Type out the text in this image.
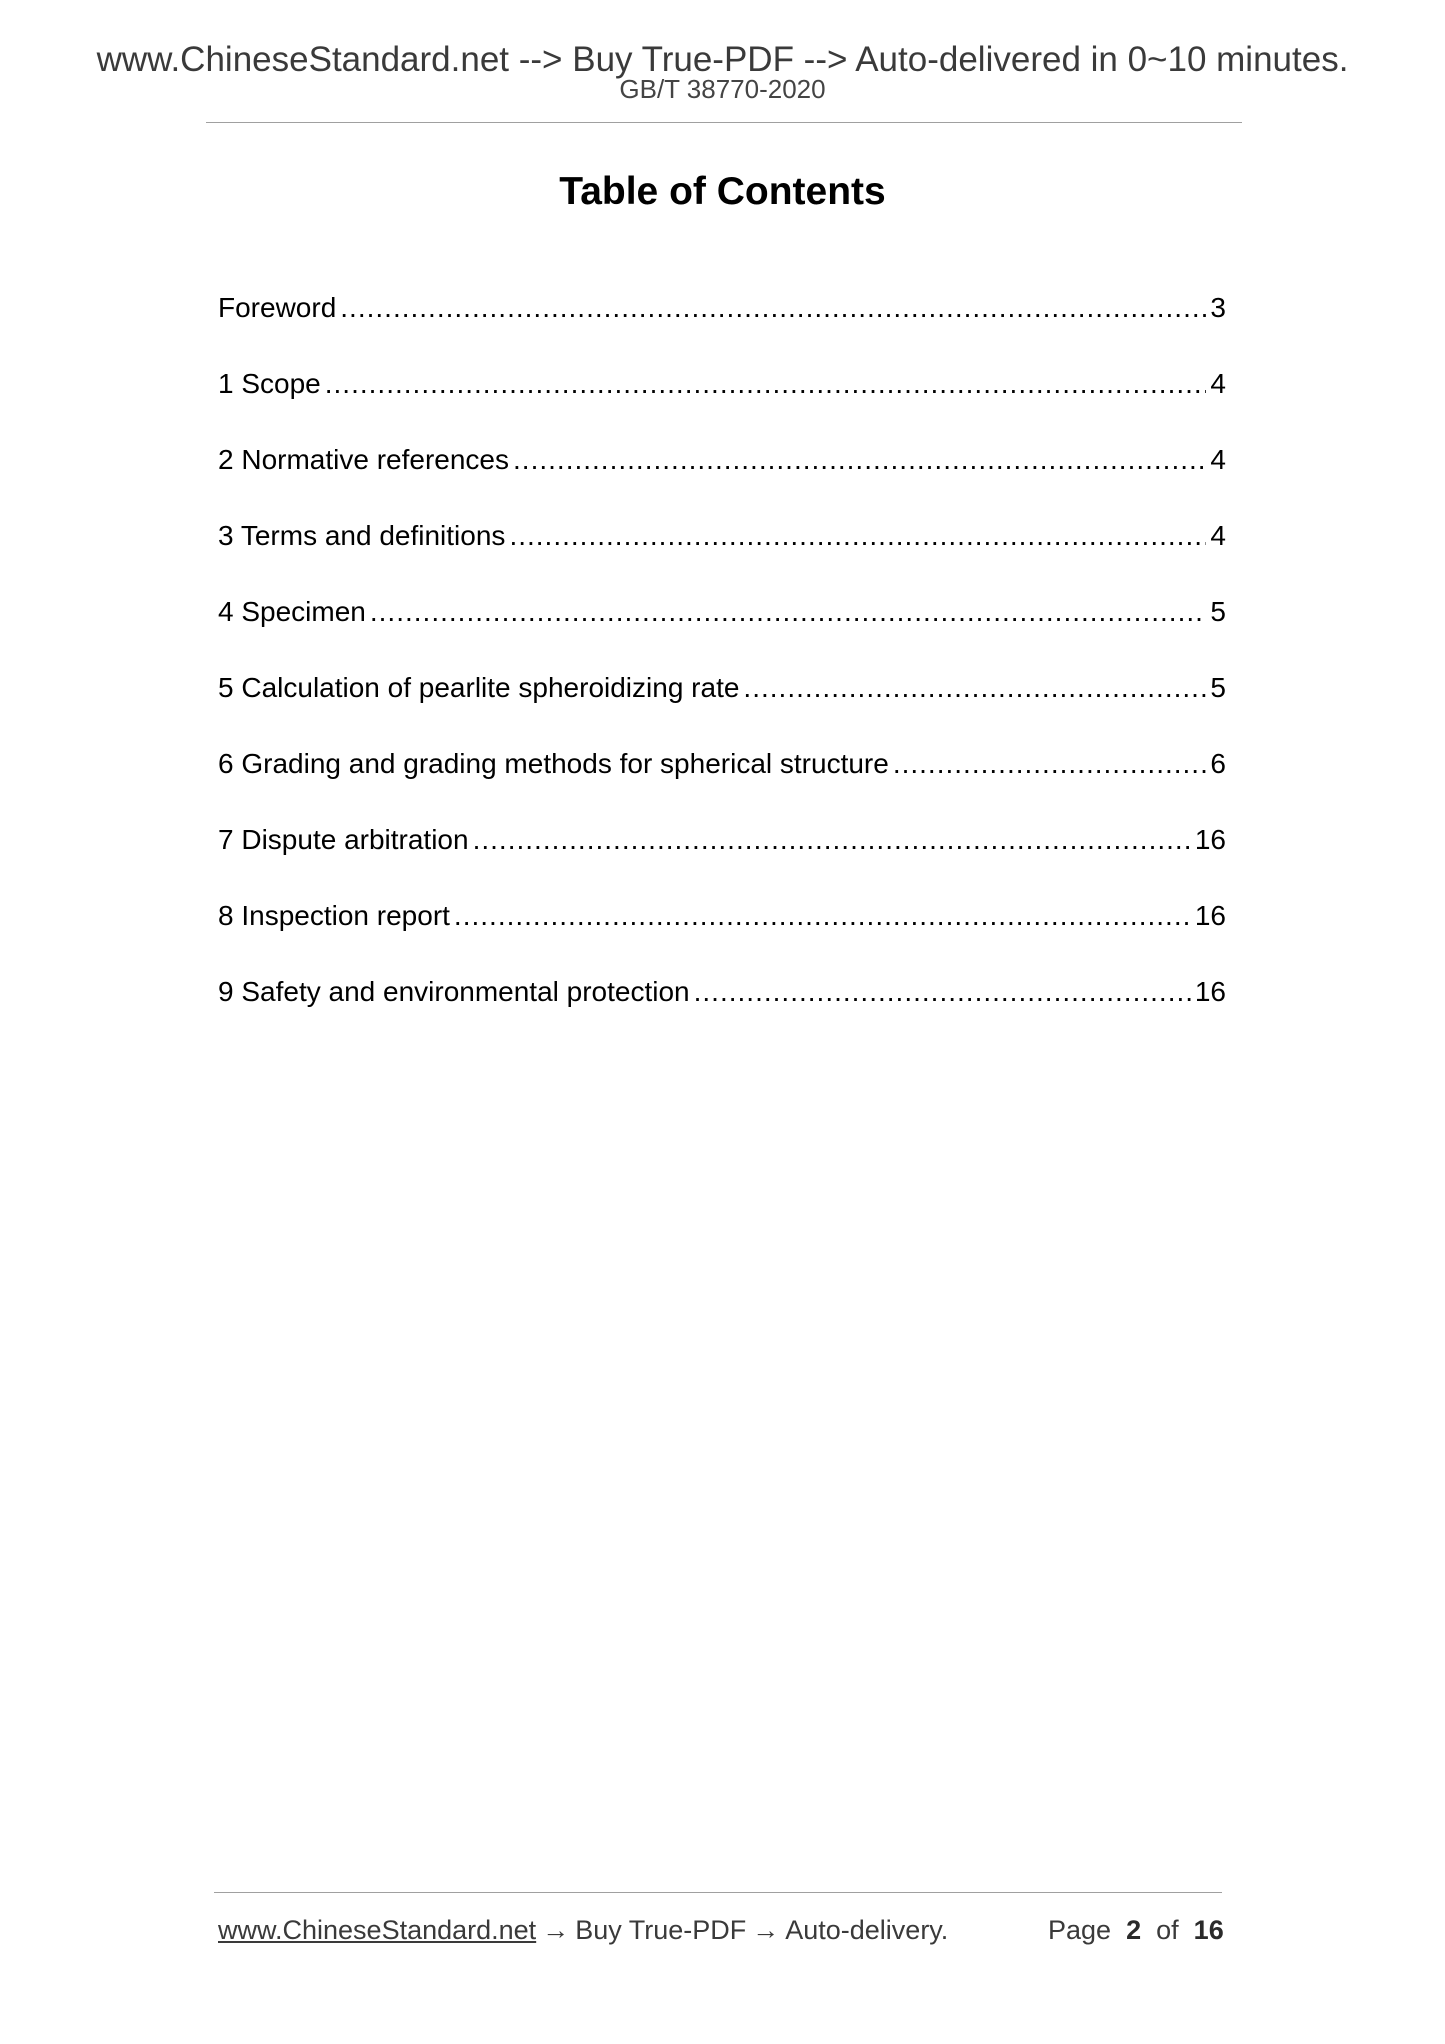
www.ChineseStandard.net --> Buy True-PDF --> Auto-delivered in 0~10 minutes.
GB/T 38770-2020
Table of Contents
Foreword .....	3
1 Scope .....	4
2 Normative references .....	4
3 Terms and definitions .....	4
4 Specimen .....	5
5 Calculation of pearlite spheroidizing rate .....	5
6 Grading and grading methods for spherical structure .....	6
7 Dispute arbitration .....	16
8 Inspection report .....	16
9 Safety and environmental protection .....	16
www.ChineseStandard.net → Buy True-PDF → Auto-delivery.	Page 2 of 16
